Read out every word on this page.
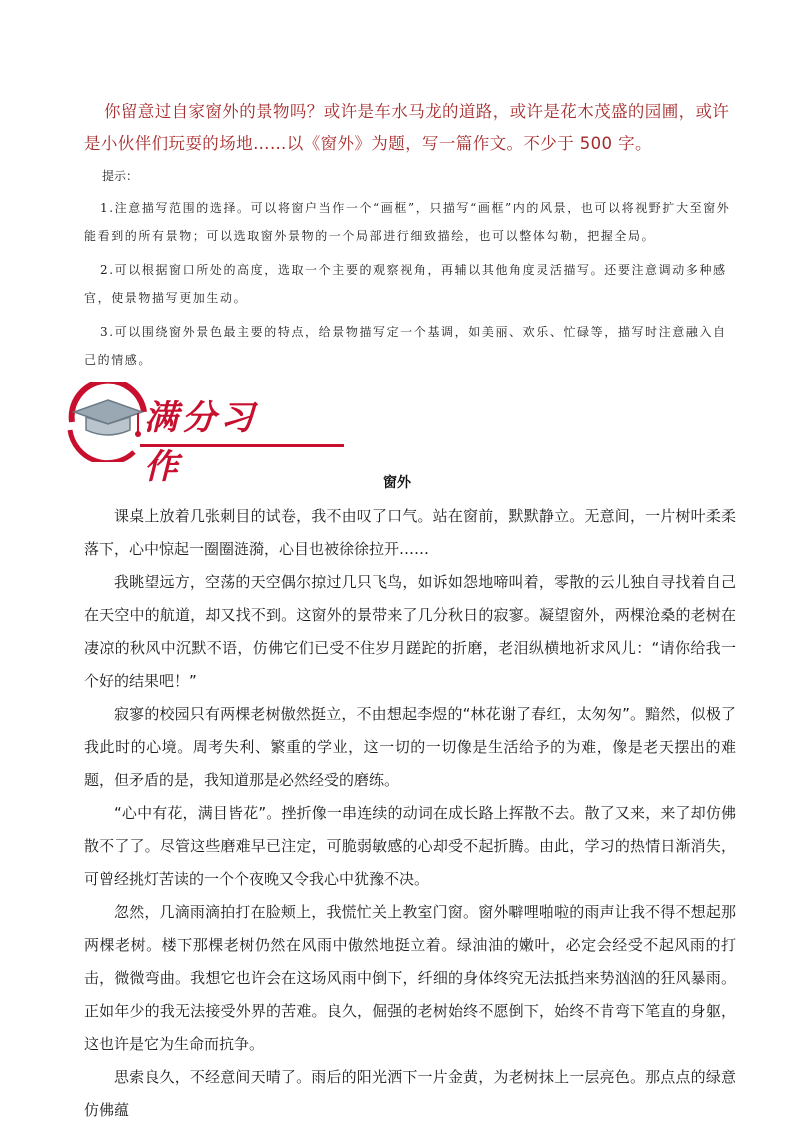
你留意过自家窗外的景物吗？或许是车水马龙的道路，或许是花木茂盛的园圃，或许是小伙伴们玩耍的场地……以《窗外》为题，写一篇作文。不少于 500 字。
提示：

1.注意描写范围的选择。可以将窗户当作一个“画框”，只描写“画框”内的风景，也可以将视野扩大至窗外能看到的所有景物；可以选取窗外景物的一个局部进行细致描绘，也可以整体勾勒，把握全局。

2.可以根据窗口所处的高度，选取一个主要的观察视角，再辅以其他角度灵活描写。还要注意调动多种感官，使景物描写更加生动。

3.可以围绕窗外景色最主要的特点，给景物描写定一个基调，如美丽、欢乐、忙碌等，描写时注意融入自己的情感。

满分习作	窗外

课桌上放着几张刺目的试卷，我不由叹了口气。站在窗前，默默静立。无意间，一片树叶柔柔落下，心中惊起一圈圈涟漪，心目也被徐徐拉开……

我眺望远方，空荡的天空偶尔掠过几只飞鸟，如诉如怨地啼叫着，零散的云儿独自寻找着自己在天空中的航道，却又找不到。这窗外的景带来了几分秋日的寂寥。凝望窗外，两棵沧桑的老树在凄凉的秋风中沉默不语，仿佛它们已受不住岁月蹉跎的折磨，老泪纵横地祈求风儿：“请你给我一个好的结果吧！”

寂寥的校园只有两棵老树傲然挺立，不由想起李煜的“林花谢了春红，太匆匆”。黯然，似极了我此时的心境。周考失利、繁重的学业，这一切的一切像是生活给予的为难，像是老天摆出的难题，但矛盾的是，我知道那是必然经受的磨练。

“心中有花，满目皆花”。挫折像一串连续的动词在成长路上挥散不去。散了又来，来了却仿佛散不了了。尽管这些磨难早已注定，可脆弱敏感的心却受不起折腾。由此，学习的热情日渐消失，可曾经挑灯苦读的一个个夜晚又令我心中犹豫不决。

忽然，几滴雨滴拍打在脸颊上，我慌忙关上教室门窗。窗外噼哩啪啦的雨声让我不得不想起那两棵老树。楼下那棵老树仍然在风雨中傲然地挺立着。绿油油的嫩叶，必定会经受不起风雨的打击，微微弯曲。我想它也许会在这场风雨中倒下，纤细的身体终究无法抵挡来势汹汹的狂风暴雨。正如年少的我无法接受外界的苦难。良久，倔强的老树始终不愿倒下，始终不肯弯下笔直的身躯，这也许是它为生命而抗争。

思索良久，不经意间天晴了。雨后的阳光洒下一片金黄，为老树抹上一层亮色。那点点的绿意仿佛蕴
